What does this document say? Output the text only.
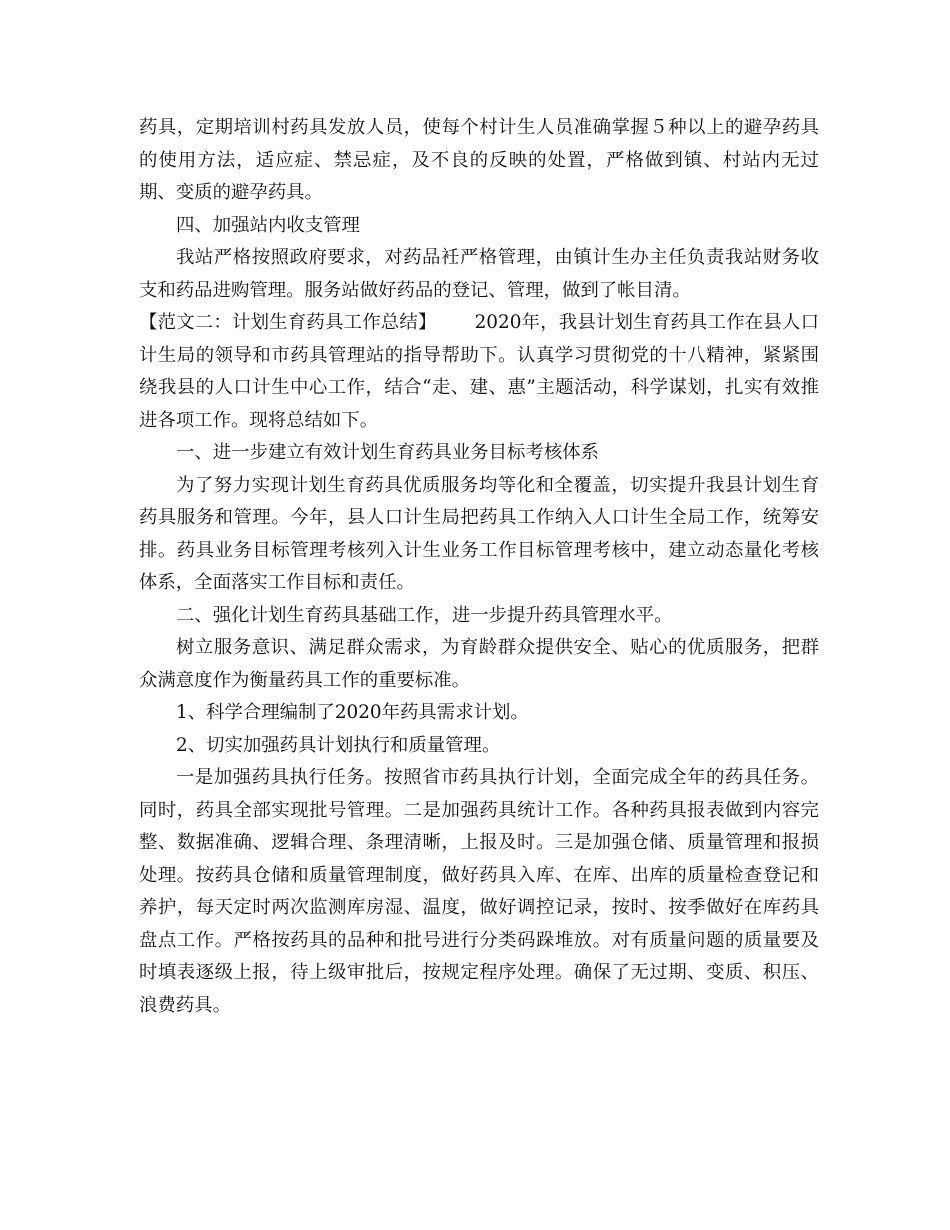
药具，定期培训村药具发放人员，使每个村计生人员准确掌握５种以上的避孕药具的使用方法，适应症、禁忌症，及不良的反映的处置，严格做到镇、村站内无过期、变质的避孕药具。

四、加强站内收支管理

我站严格按照政府要求，对药品衽严格管理，由镇计生办主任负责我站财务收支和药品进购管理。服务站做好药品的登记、管理，做到了帐目清。

【范文二：计划生育药具工作总结】 2020年，我县计划生育药具工作在县人口计生局的领导和市药具管理站的指导帮助下。认真学习贯彻党的十八精神，紧紧围绕我县的人口计生中心工作，结合“走、建、惠”主题活动，科学谋划，扎实有效推进各项工作。现将总结如下。

一、进一步建立有效计划生育药具业务目标考核体系

为了努力实现计划生育药具优质服务均等化和全覆盖，切实提升我县计划生育药具服务和管理。今年，县人口计生局把药具工作纳入人口计生全局工作，统筹安排。药具业务目标管理考核列入计生业务工作目标管理考核中，建立动态量化考核体系，全面落实工作目标和责任。

二、强化计划生育药具基础工作，进一步提升药具管理水平。

树立服务意识、满足群众需求，为育龄群众提供安全、贴心的优质服务，把群众满意度作为衡量药具工作的重要标准。

1、科学合理编制了2020年药具需求计划。

2、切实加强药具计划执行和质量管理。

一是加强药具执行任务。按照省市药具执行计划，全面完成全年的药具任务。同时，药具全部实现批号管理。二是加强药具统计工作。各种药具报表做到内容完整、数据准确、逻辑合理、条理清晰，上报及时。三是加强仓储、质量管理和报损处理。按药具仓储和质量管理制度，做好药具入库、在库、出库的质量检查登记和养护，每天定时两次监测库房湿、温度，做好调控记录，按时、按季做好在库药具盘点工作。严格按药具的品种和批号进行分类码跺堆放。对有质量问题的质量要及时填表逐级上报，待上级审批后，按规定程序处理。确保了无过期、变质、积压、浪费药具。
